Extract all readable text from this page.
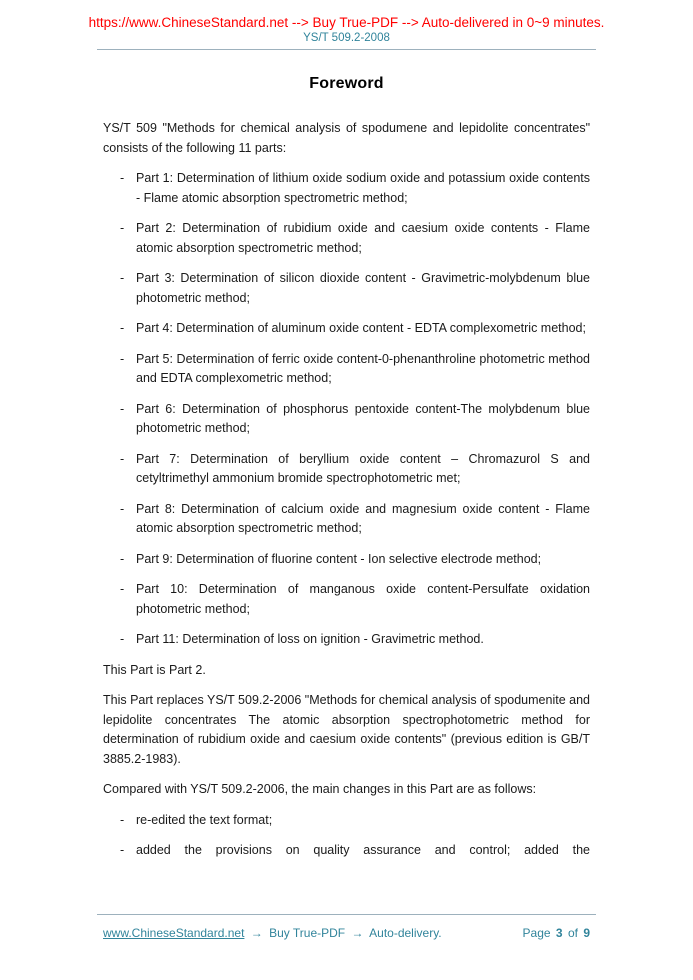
https://www.ChineseStandard.net --> Buy True-PDF --> Auto-delivered in 0~9 minutes.
YS/T 509.2-2008
Foreword

YS/T 509 "Methods for chemical analysis of spodumene and lepidolite concentrates" consists of the following 11 parts:

- Part 1: Determination of lithium oxide sodium oxide and potassium oxide contents - Flame atomic absorption spectrometric method;
- Part 2: Determination of rubidium oxide and caesium oxide contents - Flame atomic absorption spectrometric method;
- Part 3: Determination of silicon dioxide content - Gravimetric-molybdenum blue photometric method;
- Part 4: Determination of aluminum oxide content - EDTA complexometric method;
- Part 5: Determination of ferric oxide content-0-phenanthroline photometric method and EDTA complexometric method;
- Part 6: Determination of phosphorus pentoxide content-The molybdenum blue photometric method;
- Part 7: Determination of beryllium oxide content – Chromazurol S and cetyltrimethyl ammonium bromide spectrophotometric met;
- Part 8: Determination of calcium oxide and magnesium oxide content - Flame atomic absorption spectrometric method;
- Part 9: Determination of fluorine content - Ion selective electrode method;
- Part 10: Determination of manganous oxide content-Persulfate oxidation photometric method;
- Part 11: Determination of loss on ignition - Gravimetric method.

This Part is Part 2.

This Part replaces YS/T 509.2-2006 "Methods for chemical analysis of spodumenite and lepidolite concentrates The atomic absorption spectrophotometric method for determination of rubidium oxide and caesium oxide contents" (previous edition is GB/T 3885.2-1983).

Compared with YS/T 509.2-2006, the main changes in this Part are as follows:

- re-edited the text format;
- added the provisions on quality assurance and control; added the
www.ChineseStandard.net → Buy True-PDF → Auto-delivery.	Page 3 of 9
